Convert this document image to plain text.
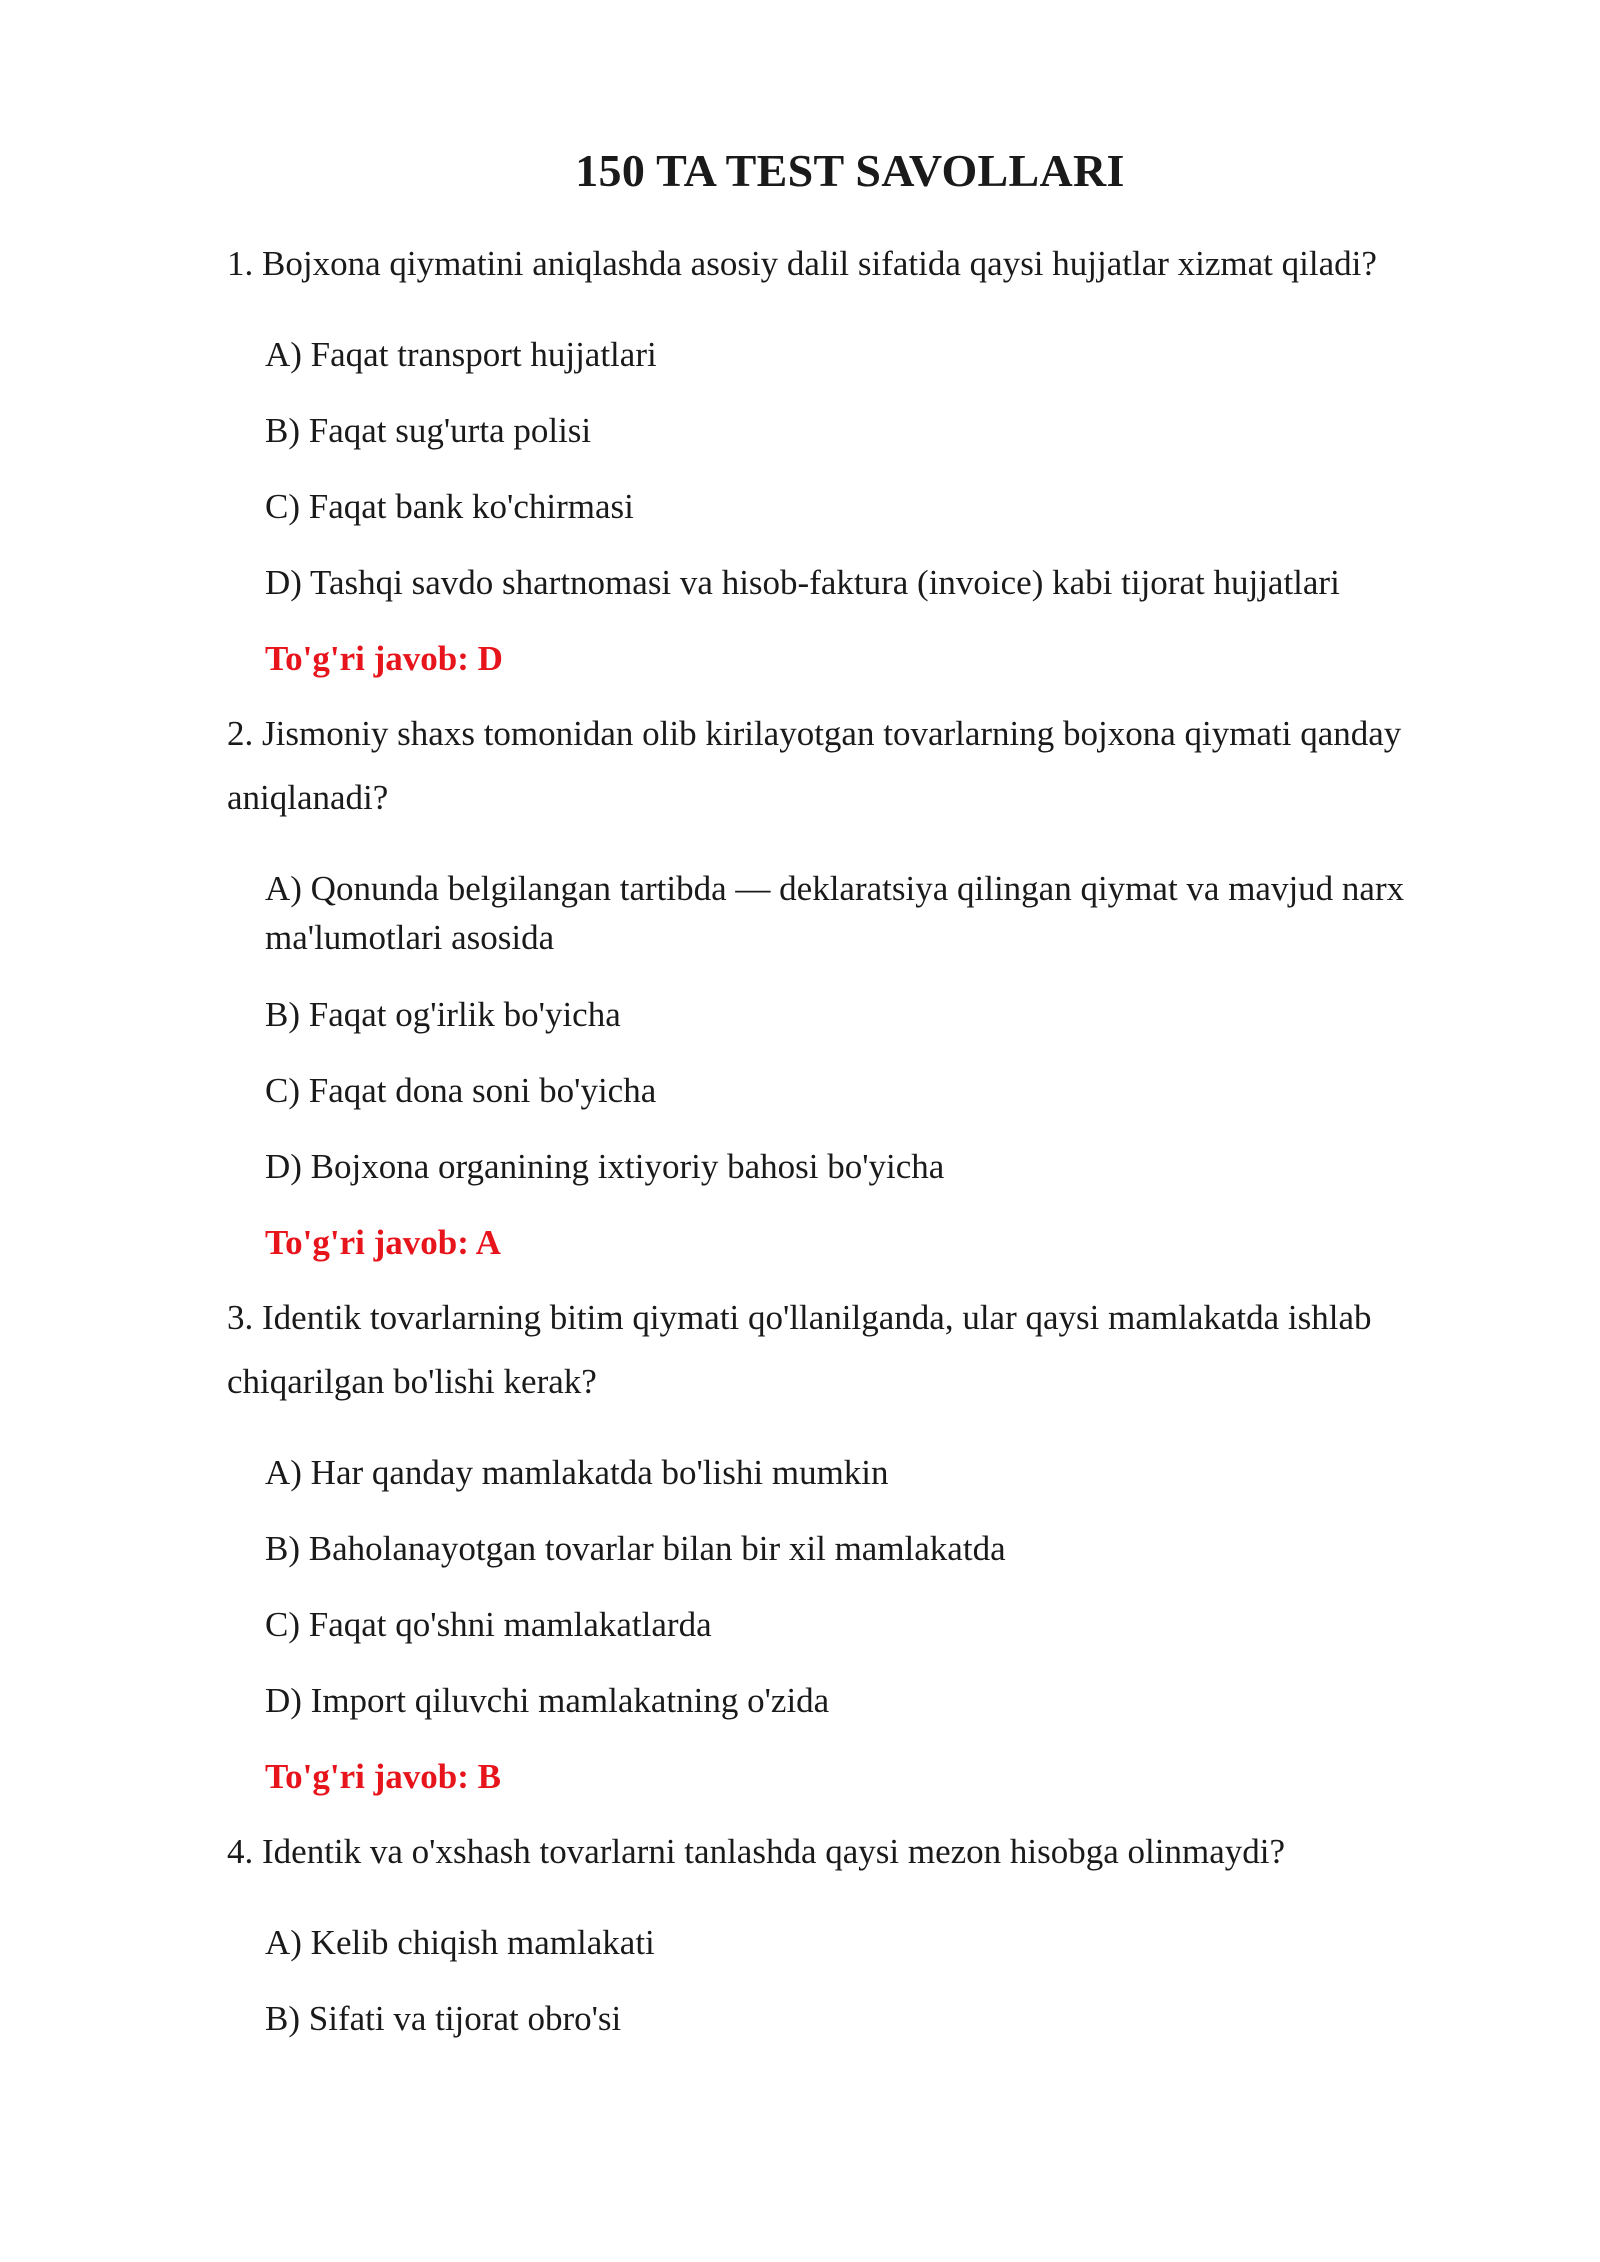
150 TA TEST SAVOLLARI
1. Bojxona qiymatini aniqlashda asosiy dalil sifatida qaysi hujjatlar xizmat qiladi?
A) Faqat transport hujjatlari
B) Faqat sug'urta polisi
C) Faqat bank ko'chirmasi
D) Tashqi savdo shartnomasi va hisob-faktura (invoice) kabi tijorat hujjatlari
To'g'ri javob: D
2. Jismoniy shaxs tomonidan olib kirilayotgan tovarlarning bojxona qiymati qanday aniqlanadi?
A) Qonunda belgilangan tartibda — deklaratsiya qilingan qiymat va mavjud narx ma'lumotlari asosida
B) Faqat og'irlik bo'yicha
C) Faqat dona soni bo'yicha
D) Bojxona organining ixtiyoriy bahosi bo'yicha
To'g'ri javob: A
3. Identik tovarlarning bitim qiymati qo'llanilganda, ular qaysi mamlakatda ishlab chiqarilgan bo'lishi kerak?
A) Har qanday mamlakatda bo'lishi mumkin
B) Baholanayotgan tovarlar bilan bir xil mamlakatda
C) Faqat qo'shni mamlakatlarda
D) Import qiluvchi mamlakatning o'zida
To'g'ri javob: B
4. Identik va o'xshash tovarlarni tanlashda qaysi mezon hisobga olinmaydi?
A) Kelib chiqish mamlakati
B) Sifati va tijorat obro'si
